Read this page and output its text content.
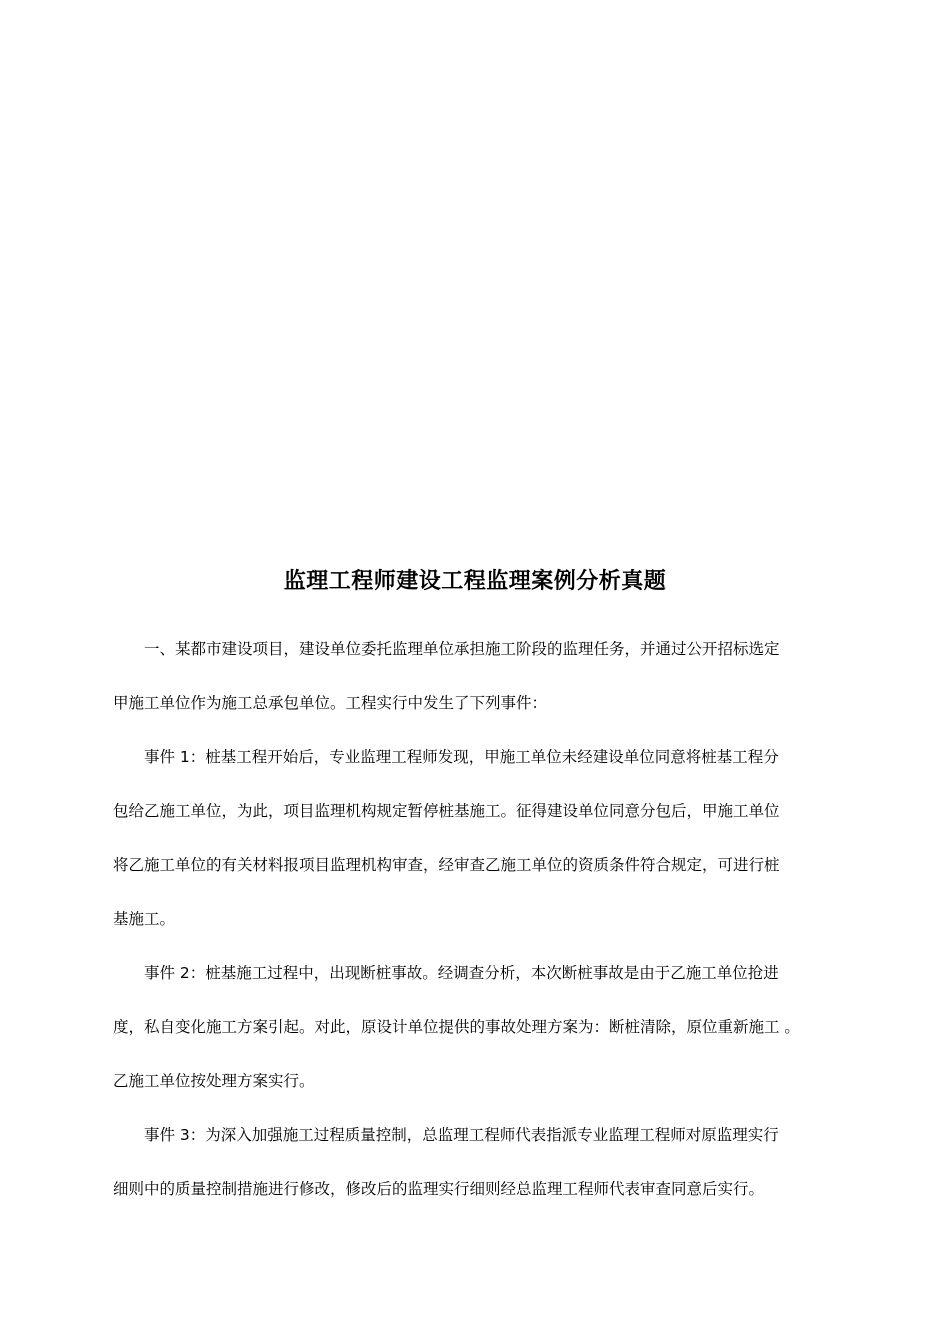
监理工程师建设工程监理案例分析真题
　　一、某都市建设项目，建设单位委托监理单位承担施工阶段的监理任务，并通过公开招标选定
甲施工单位作为施工总承包单位。工程实行中发生了下列事件：
　　事件 1：桩基工程开始后，专业监理工程师发现，甲施工单位未经建设单位同意将桩基工程分
包给乙施工单位，为此，项目监理机构规定暂停桩基施工。征得建设单位同意分包后，甲施工单位
将乙施工单位的有关材料报项目监理机构审查，经审查乙施工单位的资质条件符合规定，可进行桩
基施工。
　　事件 2：桩基施工过程中，出现断桩事故。经调查分析，本次断桩事故是由于乙施工单位抢进
度，私自变化施工方案引起。对此，原设计单位提供的事故处理方案为：断桩清除，原位重新施工 。
乙施工单位按处理方案实行。
　　事件 3：为深入加强施工过程质量控制，总监理工程师代表指派专业监理工程师对原监理实行
细则中的质量控制措施进行修改，修改后的监理实行细则经总监理工程师代表审查同意后实行。
